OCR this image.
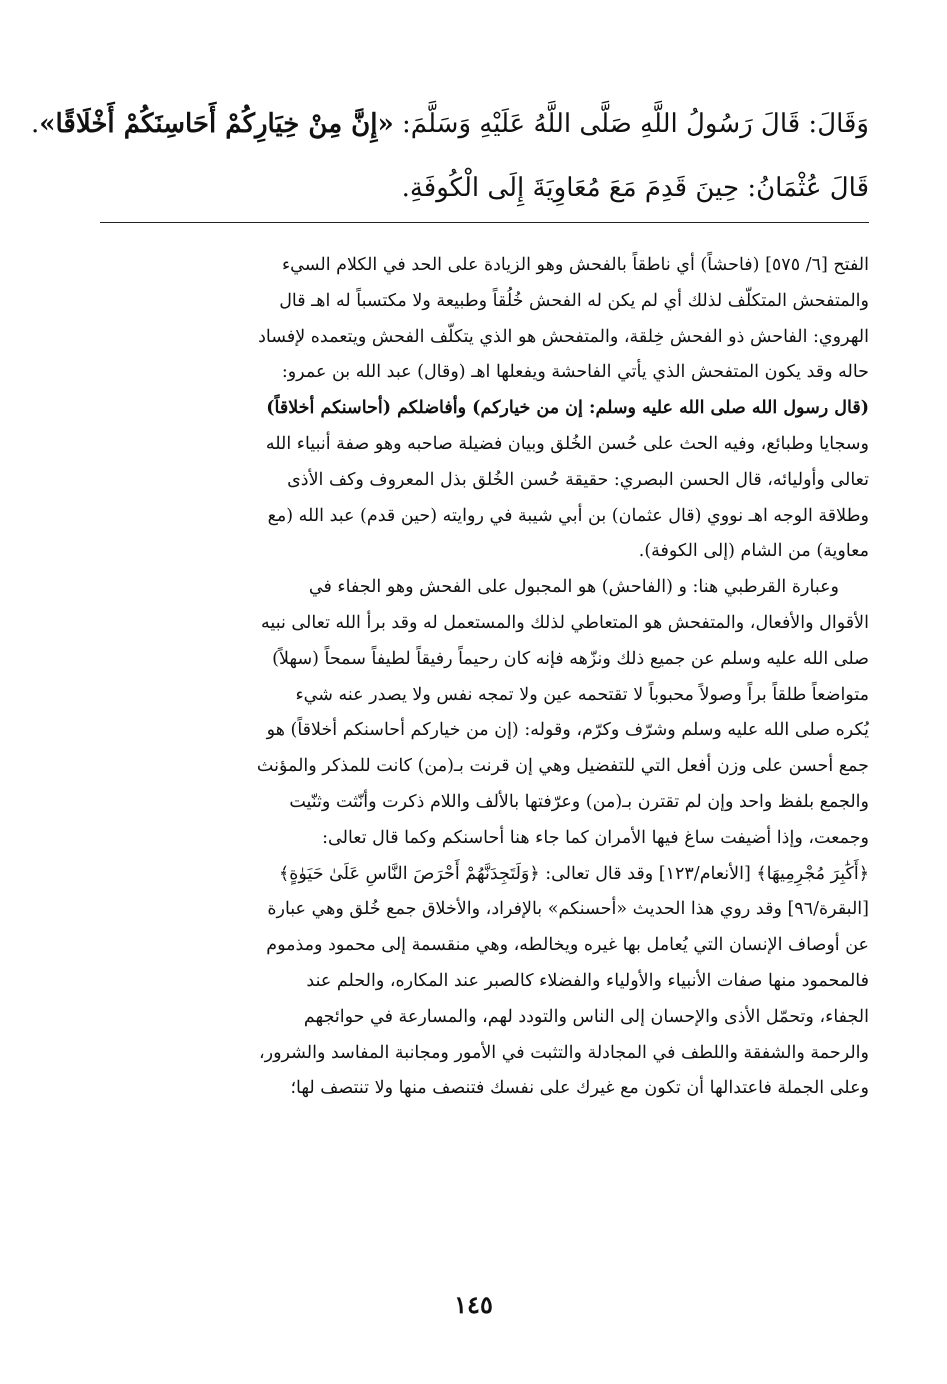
وَقَالَ: قَالَ رَسُولُ اللَّهِ صَلَّى اللَّهُ عَلَيْهِ وَسَلَّمَ: «إِنَّ مِنْ خِيَارِكُمْ أَحَاسِنَكُمْ أَخْلَاقًا».
قَالَ عُثْمَانُ: حِينَ قَدِمَ مَعَ مُعَاوِيَةَ إِلَى الْكُوفَةِ.
الفتح [٦/ ٥٧٥] (فاحشاً) أي ناطقاً بالفحش وهو الزيادة على الحد في الكلام السيء
والمتفحش المتكلّف لذلك أي لم يكن له الفحش خُلُقاً وطبيعة ولا مكتسباً له اهـ قال
الهروي: الفاحش ذو الفحش خِلقة، والمتفحش هو الذي يتكلّف الفحش ويتعمده لإفساد
حاله وقد يكون المتفحش الذي يأتي الفاحشة ويفعلها اهـ (وقال) عبد الله بن عمرو:
(قال رسول الله صلى الله عليه وسلم: إن من خياركم) وأفاضلكم (أحاسنكم أخلاقاً)
وسجايا وطبائع، وفيه الحث على حُسن الخُلق وبيان فضيلة صاحبه وهو صفة أنبياء الله
تعالى وأوليائه، قال الحسن البصري: حقيقة حُسن الخُلق بذل المعروف وكف الأذى
وطلاقة الوجه اهـ نووي (قال عثمان) بن أبي شيبة في روايته (حين قدم) عبد الله (مع
معاوية) من الشام (إلى الكوفة).
وعبارة القرطبي هنا: و (الفاحش) هو المجبول على الفحش وهو الجفاء في
الأقوال والأفعال، والمتفحش هو المتعاطي لذلك والمستعمل له وقد برأ الله تعالى نبيه
صلى الله عليه وسلم عن جميع ذلك ونزّهه فإنه كان رحيماً رفيقاً لطيفاً سمحاً (سهلاً)
متواضعاً طلقاً براً وصولاً محبوباً لا تقتحمه عين ولا تمجه نفس ولا يصدر عنه شيء
يُكره صلى الله عليه وسلم وشرّف وكرّم، وقوله: (إن من خياركم أحاسنكم أخلاقاً) هو
جمع أحسن على وزن أفعل التي للتفضيل وهي إن قرنت بـ(من) كانت للمذكر والمؤنث
والجمع بلفظ واحد وإن لم تقترن بـ(من) وعرّفتها بالألف واللام ذكرت وأنّثت وثنّيت
وجمعت، وإذا أضيفت ساغ فيها الأمران كما جاء هنا أحاسنكم وكما قال تعالى:
﴿أَكَٰبِرَ مُجْرِمِيهَا﴾ [الأنعام/١٢٣] وقد قال تعالى: ﴿وَلَتَجِدَنَّهُمْ أَحْرَصَ النَّاسِ عَلَىٰ حَيَوٰةٍ﴾
[البقرة/٩٦] وقد روي هذا الحديث «أحسنكم» بالإفراد، والأخلاق جمع خُلق وهي عبارة
عن أوصاف الإنسان التي يُعامل بها غيره ويخالطه، وهي منقسمة إلى محمود ومذموم
فالمحمود منها صفات الأنبياء والأولياء والفضلاء كالصبر عند المكاره، والحلم عند
الجفاء، وتحمّل الأذى والإحسان إلى الناس والتودد لهم، والمسارعة في حوائجهم
والرحمة والشفقة واللطف في المجادلة والتثبت في الأمور ومجانبة المفاسد والشرور،
وعلى الجملة فاعتدالها أن تكون مع غيرك على نفسك فتنصف منها ولا تنتصف لها؛
١٤٥
